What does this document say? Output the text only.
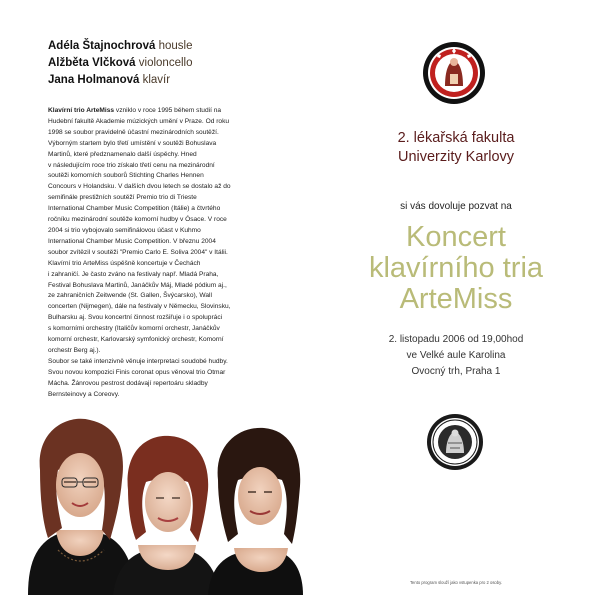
Adéla Štajnochrová housle
Alžběta Vlčková violoncello
Jana Holmanová klavír

Klavírní trio ArteMiss vzniklo v roce 1995 během studií na

Hudební fakultě Akademie múzických umění v Praze. Od roku

1998 se soubor pravidelně účastní mezinárodních soutěží.

Výborným startem bylo třetí umístění v soutěži Bohuslava

Martinů, které předznamenalo další úspěchy. Hned

v následujícím roce trio získalo třetí cenu na mezinárodní

soutěži komorních souborů Stichting Charles Hennen

Concours v Holandsku. V dalších dvou letech se dostalo až do

semifinále prestižních soutěží Premio trio di Trieste

International Chamber Music Competition (Itálie) a čtvrtého

ročníku mezinárodní soutěže komorní hudby v Ósace. V roce

2004 si trio vybojovalo semifinálovou účast v Kuhmo

International Chamber Music Competition. V březnu 2004

soubor zvítězil v soutěži "Premio Carlo E. Soliva 2004" v Itálii.

Klavírní trio ArteMiss úspěšně koncertuje v Čechách

i zahraničí. Je často zváno na festivaly např. Mladá Praha,

Festival Bohuslava Martinů, Janáčkův Máj, Mladé pódium aj.,

ze zahraničních Zeitwende (St. Gallen, Švýcarsko), Wall

concerten (Nijmegen), dále na festivaly v Německu, Slovinsku,

Bulharsku aj. Svou koncertní činnost rozšiřuje i o spolupráci

s komorními orchestry (Italičův komorní orchestr, Janáčkův

komorní orchestr, Karlovarský symfonický orchestr, Komorní

orchestr Berg aj.).

Soubor se také intenzivně věnuje interpretaci soudobé hudby.

Svou novou kompozici Finis coronat opus věnoval trio Otmar

Mácha. Žánrovou pestrost dodávají repertoáru skladby

Bernsteinovy a Coreovy.

2. lékařská fakulta
Univerzity Karlovy
si vás dovoluje pozvat na
Koncert
klavírního tria
ArteMiss
2. listopadu 2006 od 19,00hod
ve Velké aule Karolina
Ovocný trh, Praha 1
Tento program slouží jako vstupenka pro 2 osoby.
